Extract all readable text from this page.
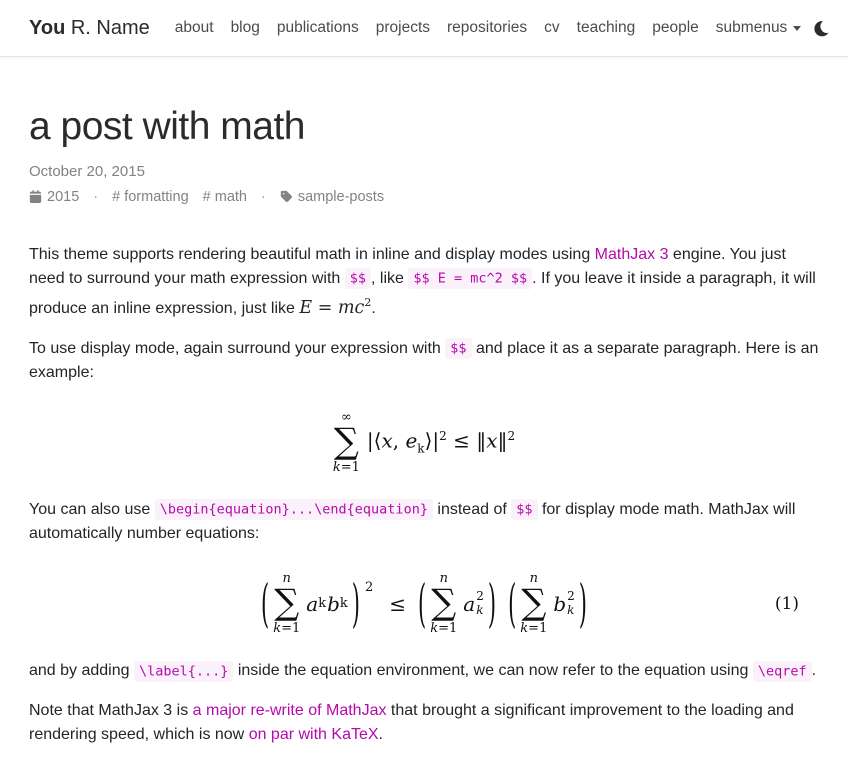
You R. Name about blog publications projects repositories cv teaching people submenus
a post with math
October 20, 2015
2015 · # formatting # math · sample-posts

This theme supports rendering beautiful math in inline and display modes using MathJax 3 engine. You just need to surround your math expression with $$ , like $$ E = mc^2 $$ . If you leave it inside a paragraph, it will produce an inline expression, just like $E = mc^2$.

To use display mode, again surround your expression with $$ and place it as a separate paragraph. Here is an example:

∞
∑
k=1
|⟨x, $e_k⟩|^2$ ≤ ‖x‖$^2$

You can also use \begin{equation}...\end{equation} instead of $$ for display mode math. MathJax will automatically number equations:

( n
∑
k=1
a k b k ) 2
≤ ( n
∑
k=1
a 2
k ) ( n
∑
k=1
b 2
k )	(1)

and by adding \label{...} inside the equation environment, we can now refer to the equation using \eqref .

Note that MathJax 3 is a major re-write of MathJax that brought a significant improvement to the loading and rendering speed, which is now on par with KaTeX.
